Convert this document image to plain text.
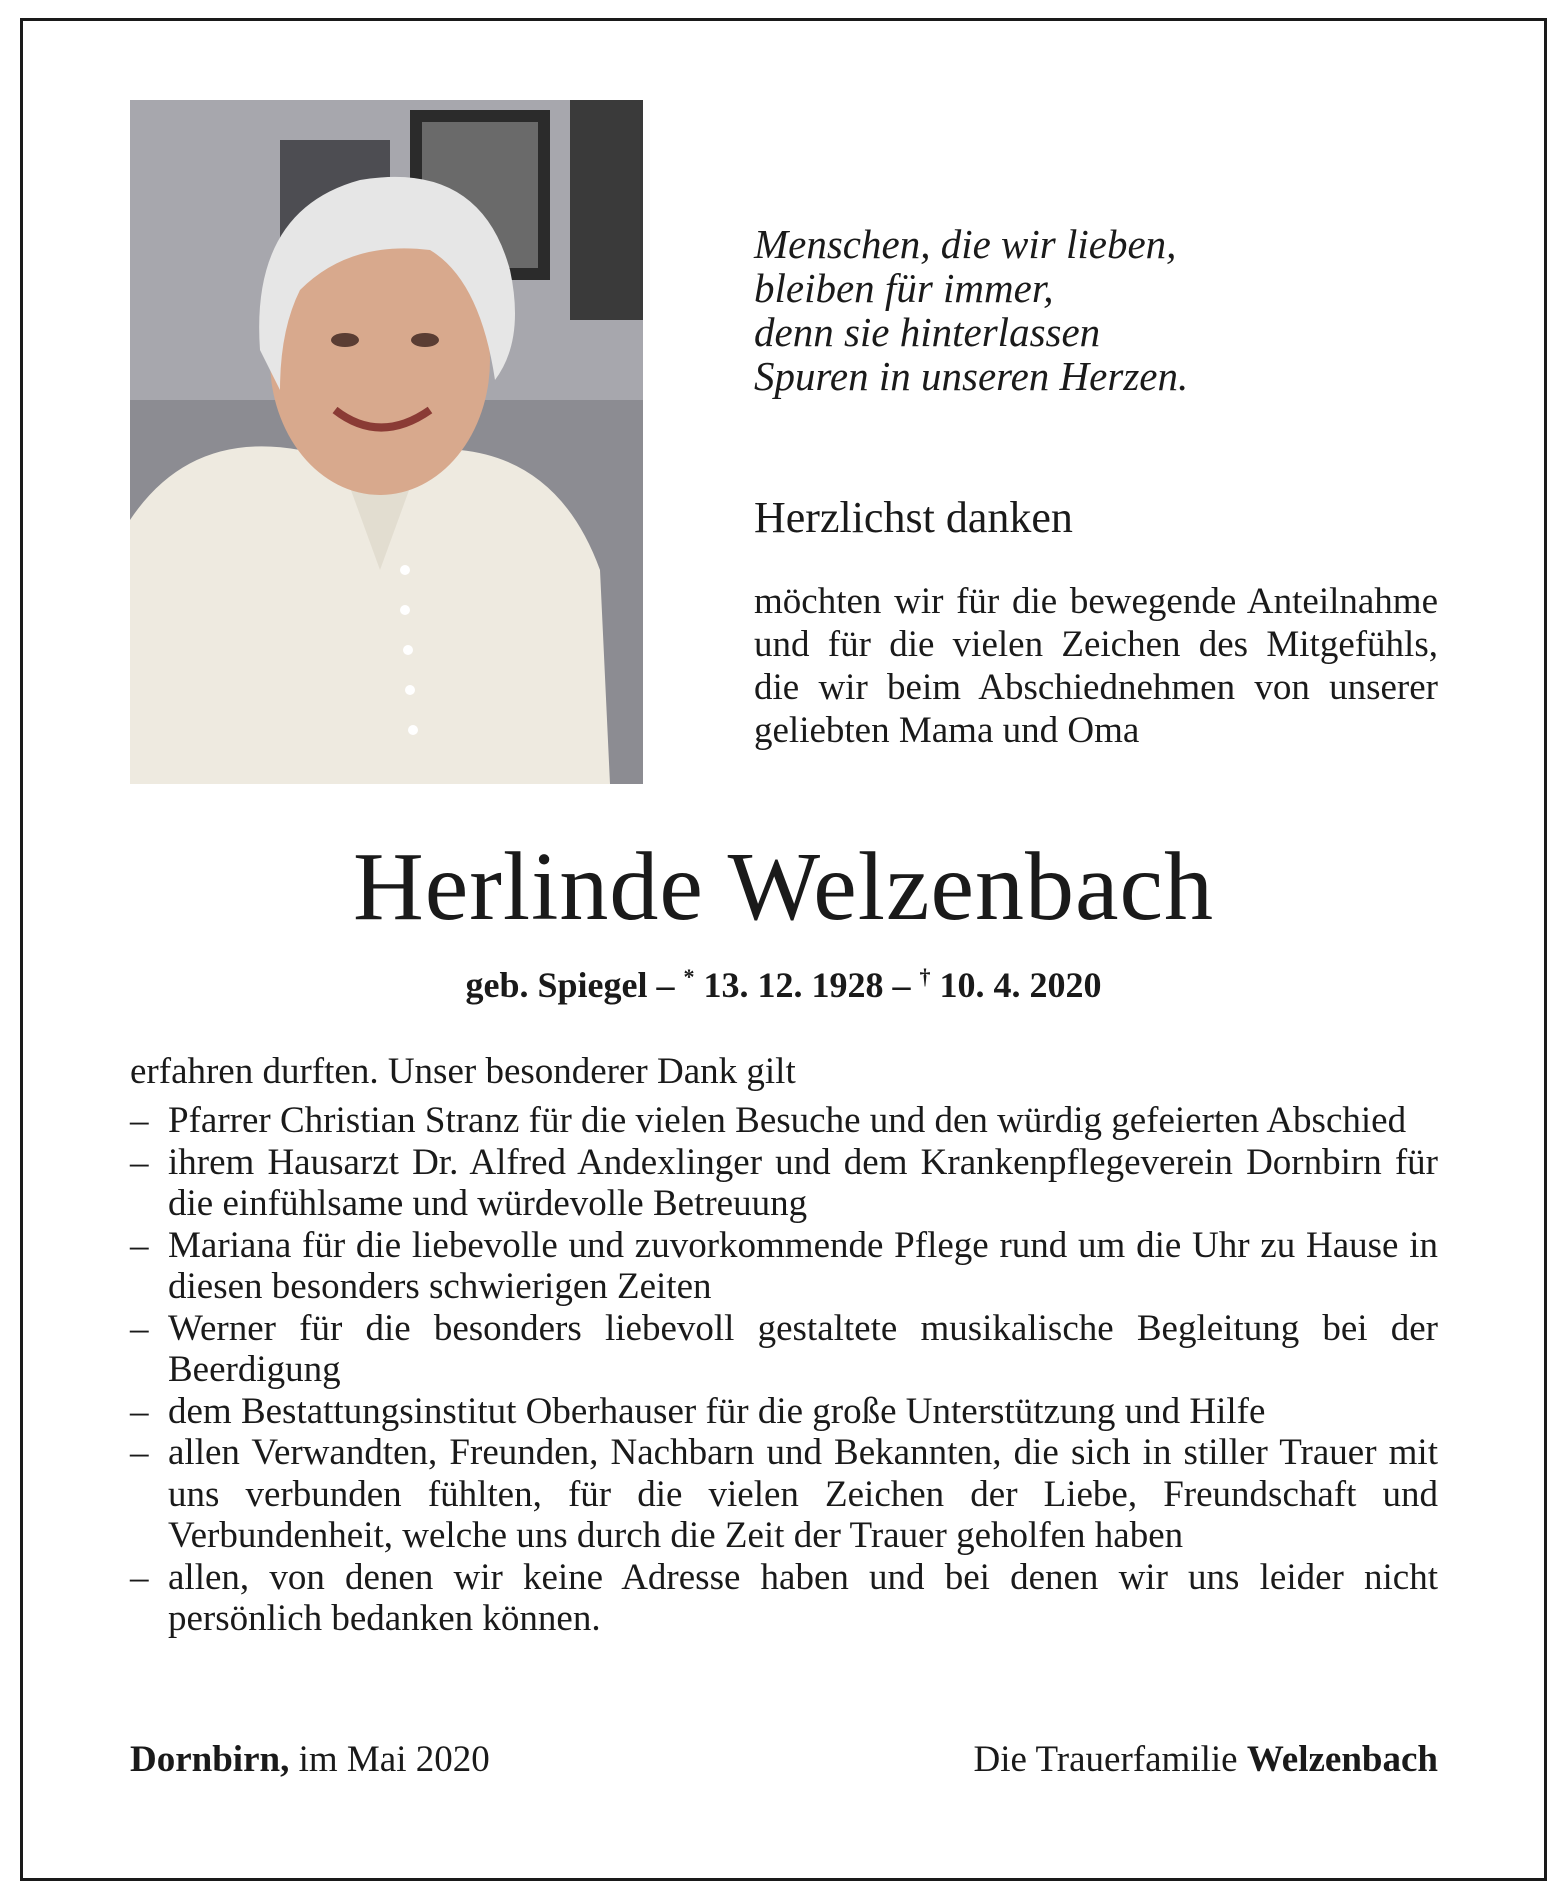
Menschen, die wir lieben,
bleiben für immer,
denn sie hinterlassen
Spuren in unseren Herzen.
Herzlichst danken
möchten wir für die bewegende Anteilnahme und für die vielen Zeichen des Mitgefühls, die wir beim Abschiednehmen von unserer geliebten Mama und Oma
Herlinde Welzenbach
geb. Spiegel – * 13. 12. 1928 – † 10. 4. 2020
erfahren durften. Unser besonderer Dank gilt
– Pfarrer Christian Stranz für die vielen Besuche und den würdig gefeierten Abschied
– ihrem Hausarzt Dr. Alfred Andexlinger und dem Krankenpflegeverein Dornbirn für die einfühlsame und würdevolle Betreuung
– Mariana für die liebevolle und zuvorkommende Pflege rund um die Uhr zu Hause in diesen besonders schwierigen Zeiten
– Werner für die besonders liebevoll gestaltete musikalische Begleitung bei der Beerdigung
– dem Bestattungsinstitut Oberhauser für die große Unterstützung und Hilfe
– allen Verwandten, Freunden, Nachbarn und Bekannten, die sich in stiller Trauer mit uns verbunden fühlten, für die vielen Zeichen der Liebe, Freundschaft und Verbundenheit, welche uns durch die Zeit der Trauer geholfen haben
– allen, von denen wir keine Adresse haben und bei denen wir uns leider nicht persönlich bedanken können.
Dornbirn, im Mai 2020	Die Trauerfamilie Welzenbach
